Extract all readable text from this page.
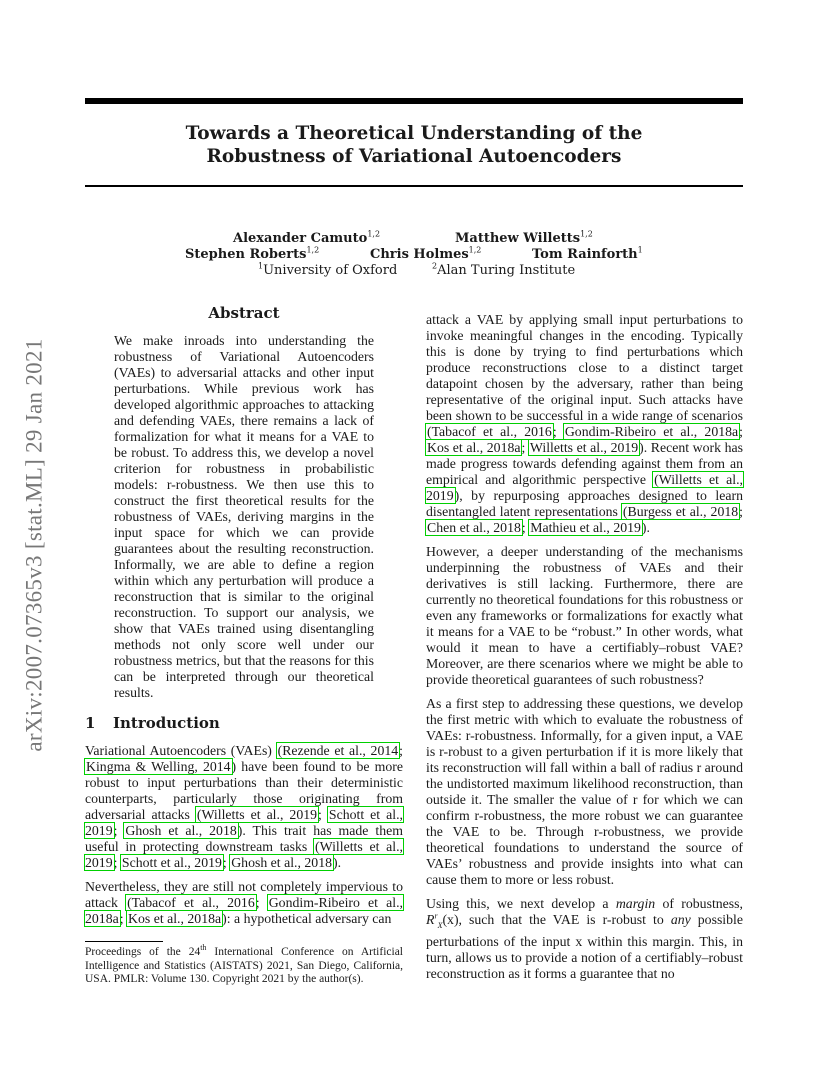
arXiv:2007.07365v3 [stat.ML] 29 Jan 2021
Towards a Theoretical Understanding of the
Robustness of Variational Autoencoders
Alexander Camuto$^{1,2}$	Matthew Willetts$^{1,2}$
Stephen Roberts$^{1,2}$	Chris Holmes$^{1,2}$	Tom Rainforth$^1$
$^1$University of Oxford	$^2$Alan Turing Institute

Abstract

We make inroads into understanding the robustness of Variational Autoencoders (VAEs) to adversarial attacks and other input perturbations. While previous work has developed algorithmic approaches to attacking and defending VAEs, there remains a lack of formalization for what it means for a VAE to be robust. To address this, we develop a novel criterion for robustness in probabilistic models: r-robustness. We then use this to construct the first theoretical results for the robustness of VAEs, deriving margins in the input space for which we can provide guarantees about the resulting reconstruction. Informally, we are able to define a region within which any perturbation will produce a reconstruction that is similar to the original reconstruction. To support our analysis, we show that VAEs trained using disentangling methods not only score well under our robustness metrics, but that the reasons for this can be interpreted through our theoretical results.

1 Introduction

Variational Autoencoders (VAEs) (Rezende et al., 2014; Kingma & Welling, 2014) have been found to be more robust to input perturbations than their deterministic counterparts, particularly those originating from adversarial attacks (Willetts et al., 2019; Schott et al., 2019; Ghosh et al., 2018). This trait has made them useful in protecting downstream tasks (Willetts et al., 2019; Schott et al., 2019; Ghosh et al., 2018).

Nevertheless, they are still not completely impervious to attack (Tabacof et al., 2016; Gondim-Ribeiro et al., 2018a; Kos et al., 2018a): a hypothetical adversary can

Proceedings of the 24th International Conference on Artificial Intelligence and Statistics (AISTATS) 2021, San Diego, California, USA. PMLR: Volume 130. Copyright 2021 by the author(s).

attack a VAE by applying small input perturbations to invoke meaningful changes in the encoding. Typically this is done by trying to find perturbations which produce reconstructions close to a distinct target datapoint chosen by the adversary, rather than being representative of the original input. Such attacks have been shown to be successful in a wide range of scenarios (Tabacof et al., 2016; Gondim-Ribeiro et al., 2018a; Kos et al., 2018a; Willetts et al., 2019). Recent work has made progress towards defending against them from an empirical and algorithmic perspective (Willetts et al., 2019), by repurposing approaches designed to learn disentangled latent representations (Burgess et al., 2018; Chen et al., 2018; Mathieu et al., 2019).

However, a deeper understanding of the mechanisms underpinning the robustness of VAEs and their derivatives is still lacking. Furthermore, there are currently no theoretical foundations for this robustness or even any frameworks or formalizations for exactly what it means for a VAE to be “robust.” In other words, what would it mean to have a certifiably–robust VAE? Moreover, are there scenarios where we might be able to provide theoretical guarantees of such robustness?

As a first step to addressing these questions, we develop the first metric with which to evaluate the robustness of VAEs: r-robustness. Informally, for a given input, a VAE is r-robust to a given perturbation if it is more likely that its reconstruction will fall within a ball of radius r around the undistorted maximum likelihood reconstruction, than outside it. The smaller the value of r for which we can confirm r-robustness, the more robust we can guarantee the VAE to be. Through r-robustness, we provide theoretical foundations to understand the source of VAEs’ robustness and provide insights into what can cause them to more or less robust.

Using this, we next develop a margin of robustness, $R^r_X(x)$, such that the VAE is r-robust to any possible perturbations of the input x within this margin. This, in turn, allows us to provide a notion of a certifiably–robust reconstruction as it forms a guarantee that no
